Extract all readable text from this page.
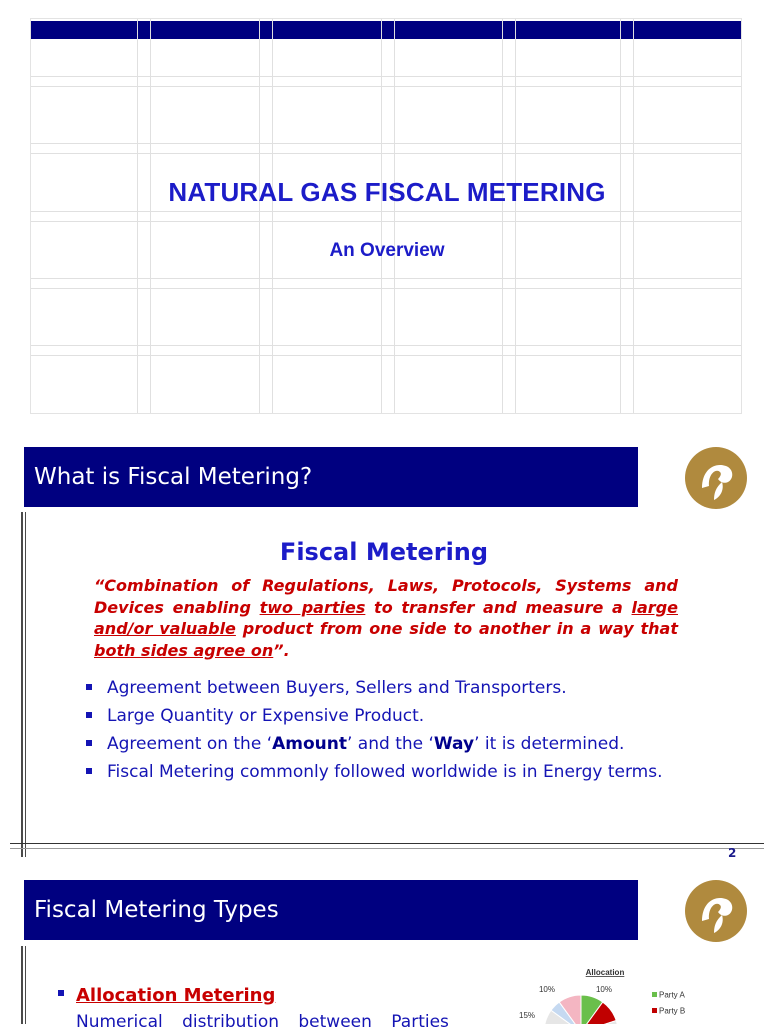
NATURAL GAS FISCAL METERING
An Overview
What is Fiscal Metering?
Fiscal Metering
“Combination of Regulations, Laws, Protocols, Systems and Devices enabling two parties to transfer and measure a large and/or valuable product from one side to another in a way that both sides agree on”.
Agreement between Buyers, Sellers and Transporters.
Large Quantity or Expensive Product.
Agreement on the ‘Amount’ and the ‘Way’ it is determined.
Fiscal Metering commonly followed worldwide is in Energy terms.
2
Fiscal Metering Types
Allocation Metering
Numerical distribution between Parties
Allocation
10%	10%
15%
Party A
Party B
